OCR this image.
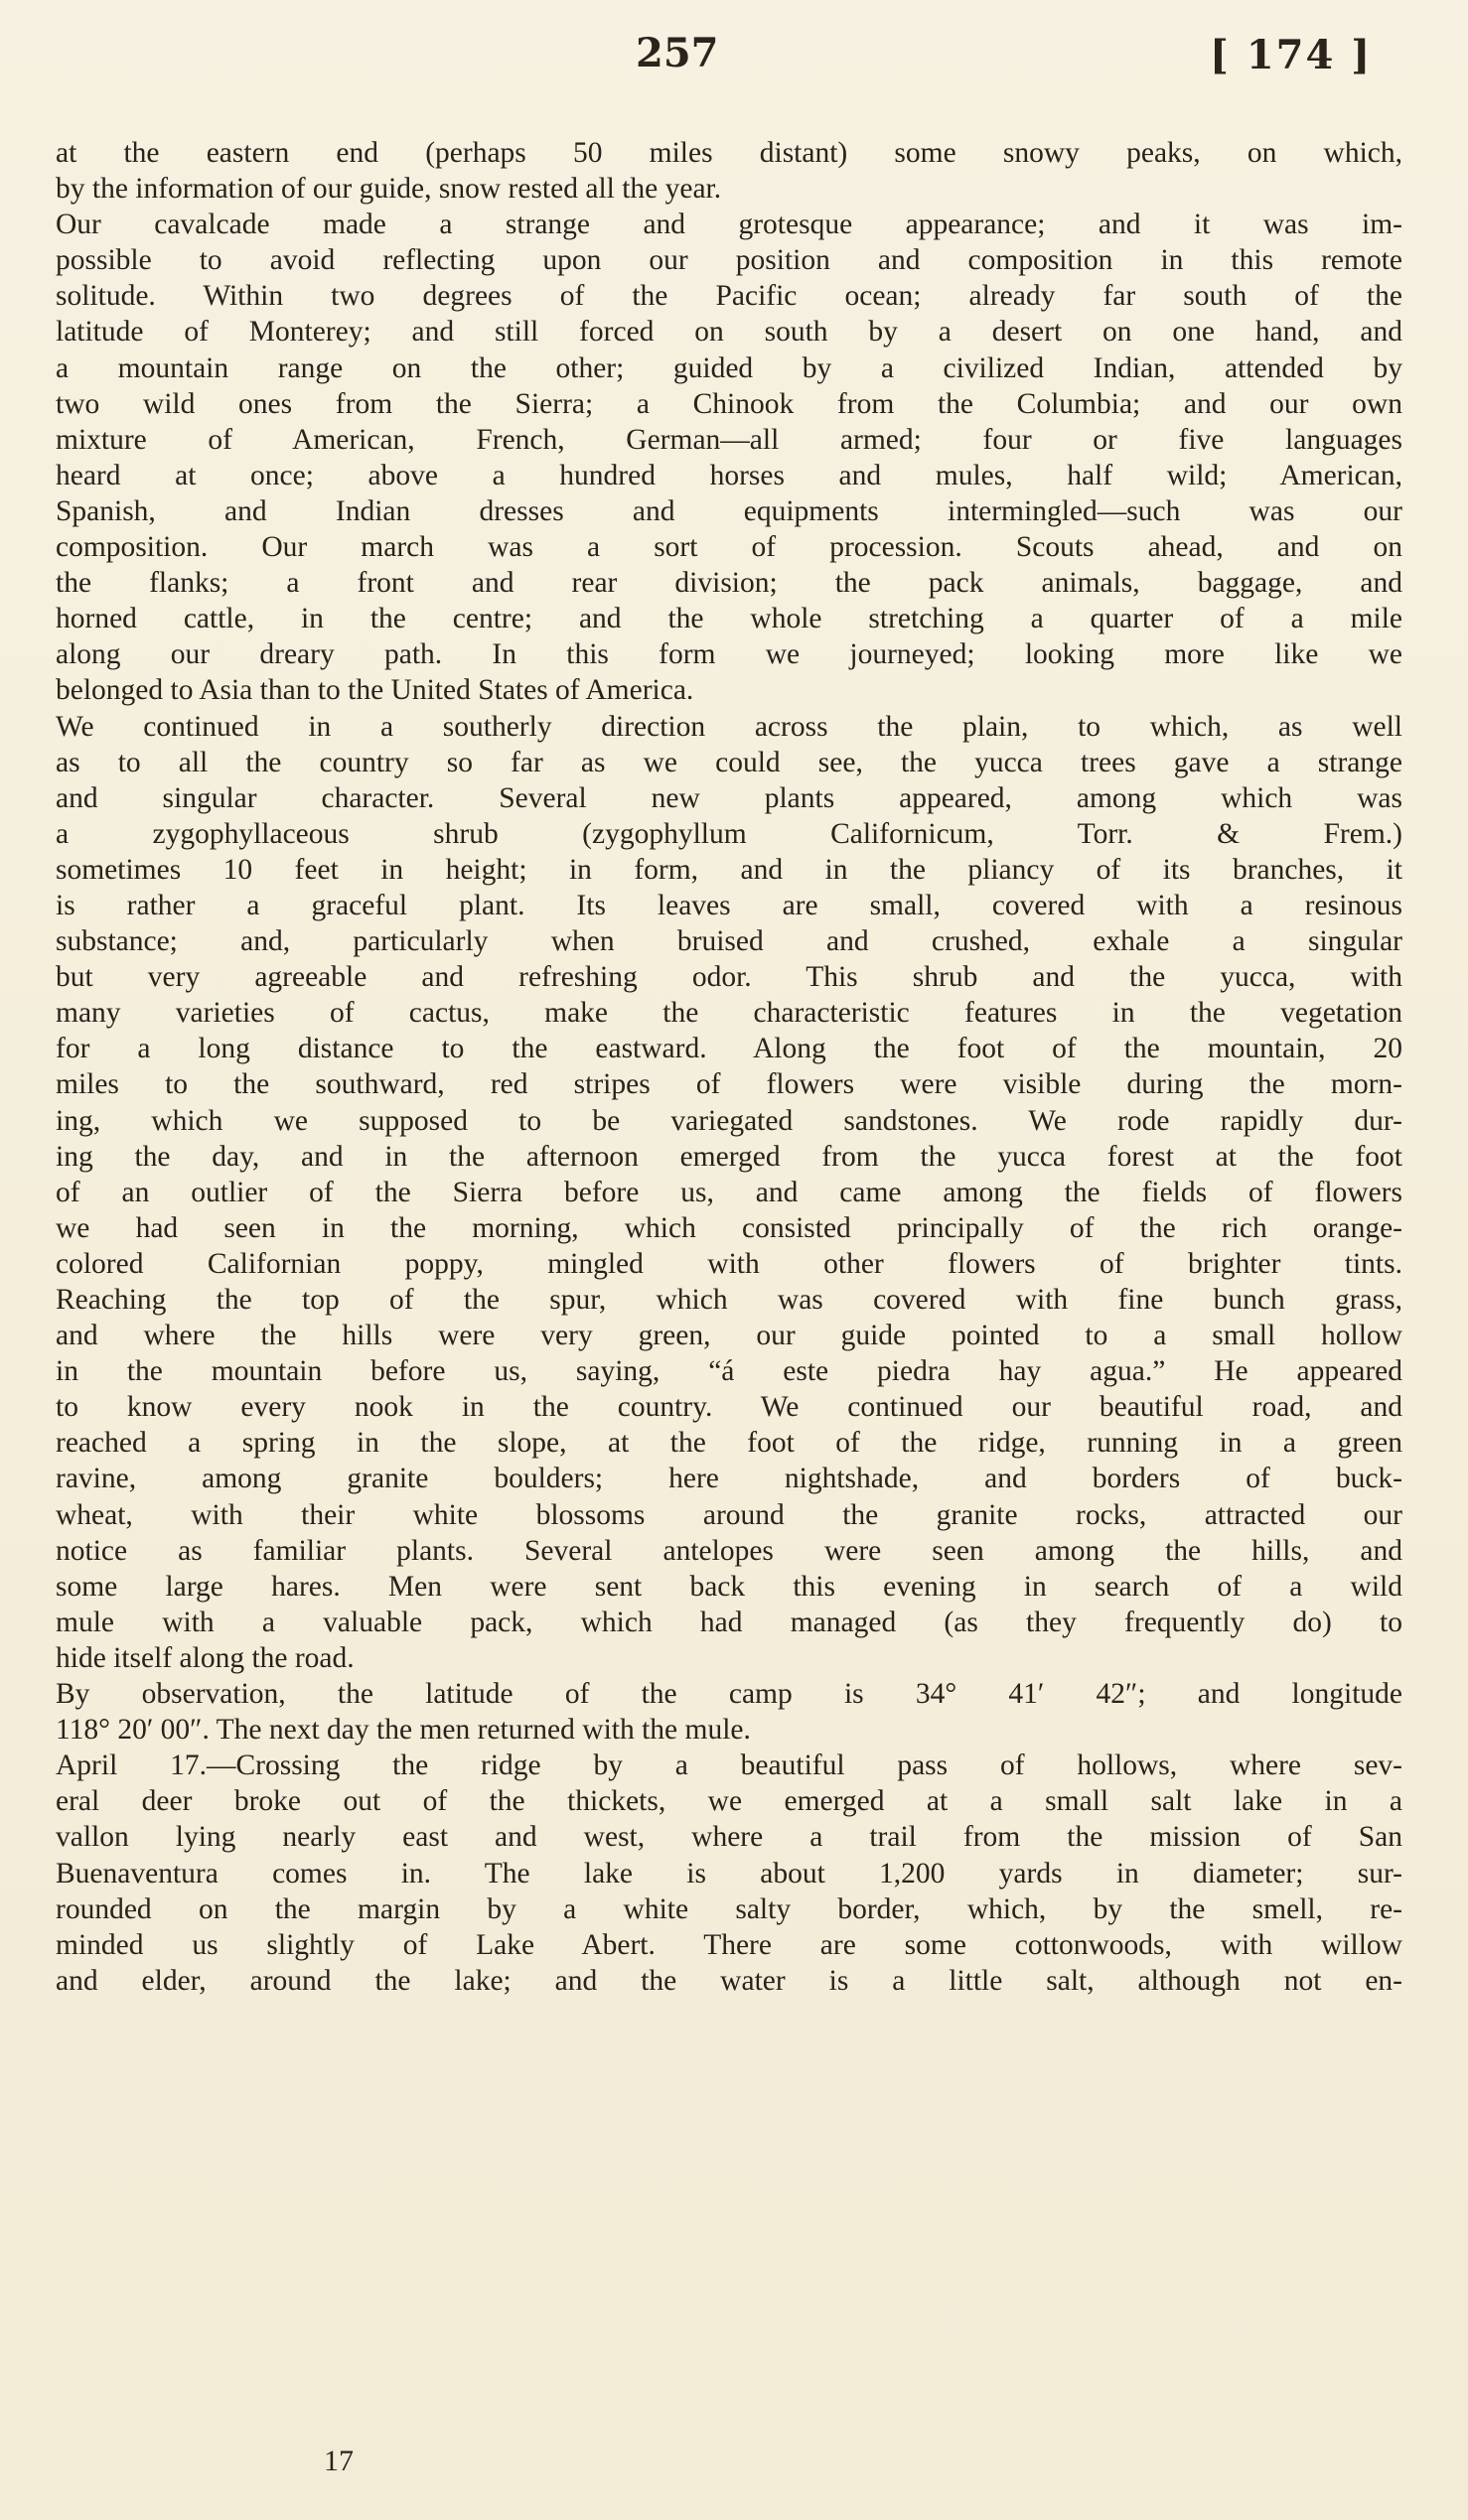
257	[ 174 ]
at the eastern end (perhaps 50 miles distant) some snowy peaks, on which,
by the information of our guide, snow rested all the year.
Our cavalcade made a strange and grotesque appearance; and it was im-
possible to avoid reflecting upon our position and composition in this remote
solitude. Within two degrees of the Pacific ocean; already far south of the
latitude of Monterey; and still forced on south by a desert on one hand, and
a mountain range on the other; guided by a civilized Indian, attended by
two wild ones from the Sierra; a Chinook from the Columbia; and our own
mixture of American, French, German—all armed; four or five languages
heard at once; above a hundred horses and mules, half wild; American,
Spanish, and Indian dresses and equipments intermingled—such was our
composition. Our march was a sort of procession. Scouts ahead, and on
the flanks; a front and rear division; the pack animals, baggage, and
horned cattle, in the centre; and the whole stretching a quarter of a mile
along our dreary path. In this form we journeyed; looking more like we
belonged to Asia than to the United States of America.
We continued in a southerly direction across the plain, to which, as well
as to all the country so far as we could see, the yucca trees gave a strange
and singular character. Several new plants appeared, among which was
a zygophyllaceous shrub (zygophyllum Californicum, Torr. & Frem.)
sometimes 10 feet in height; in form, and in the pliancy of its branches, it
is rather a graceful plant. Its leaves are small, covered with a resinous
substance; and, particularly when bruised and crushed, exhale a singular
but very agreeable and refreshing odor. This shrub and the yucca, with
many varieties of cactus, make the characteristic features in the vegetation
for a long distance to the eastward. Along the foot of the mountain, 20
miles to the southward, red stripes of flowers were visible during the morn-
ing, which we supposed to be variegated sandstones. We rode rapidly dur-
ing the day, and in the afternoon emerged from the yucca forest at the foot
of an outlier of the Sierra before us, and came among the fields of flowers
we had seen in the morning, which consisted principally of the rich orange-
colored Californian poppy, mingled with other flowers of brighter tints.
Reaching the top of the spur, which was covered with fine bunch grass,
and where the hills were very green, our guide pointed to a small hollow
in the mountain before us, saying, “á este piedra hay agua.” He appeared
to know every nook in the country. We continued our beautiful road, and
reached a spring in the slope, at the foot of the ridge, running in a green
ravine, among granite boulders; here nightshade, and borders of buck-
wheat, with their white blossoms around the granite rocks, attracted our
notice as familiar plants. Several antelopes were seen among the hills, and
some large hares. Men were sent back this evening in search of a wild
mule with a valuable pack, which had managed (as they frequently do) to
hide itself along the road.
By observation, the latitude of the camp is 34° 41′ 42″; and longitude
118° 20′ 00″. The next day the men returned with the mule.
April 17.—Crossing the ridge by a beautiful pass of hollows, where sev-
eral deer broke out of the thickets, we emerged at a small salt lake in a
vallon lying nearly east and west, where a trail from the mission of San
Buenaventura comes in. The lake is about 1,200 yards in diameter; sur-
rounded on the margin by a white salty border, which, by the smell, re-
minded us slightly of Lake Abert. There are some cottonwoods, with willow
and elder, around the lake; and the water is a little salt, although not en-
17
